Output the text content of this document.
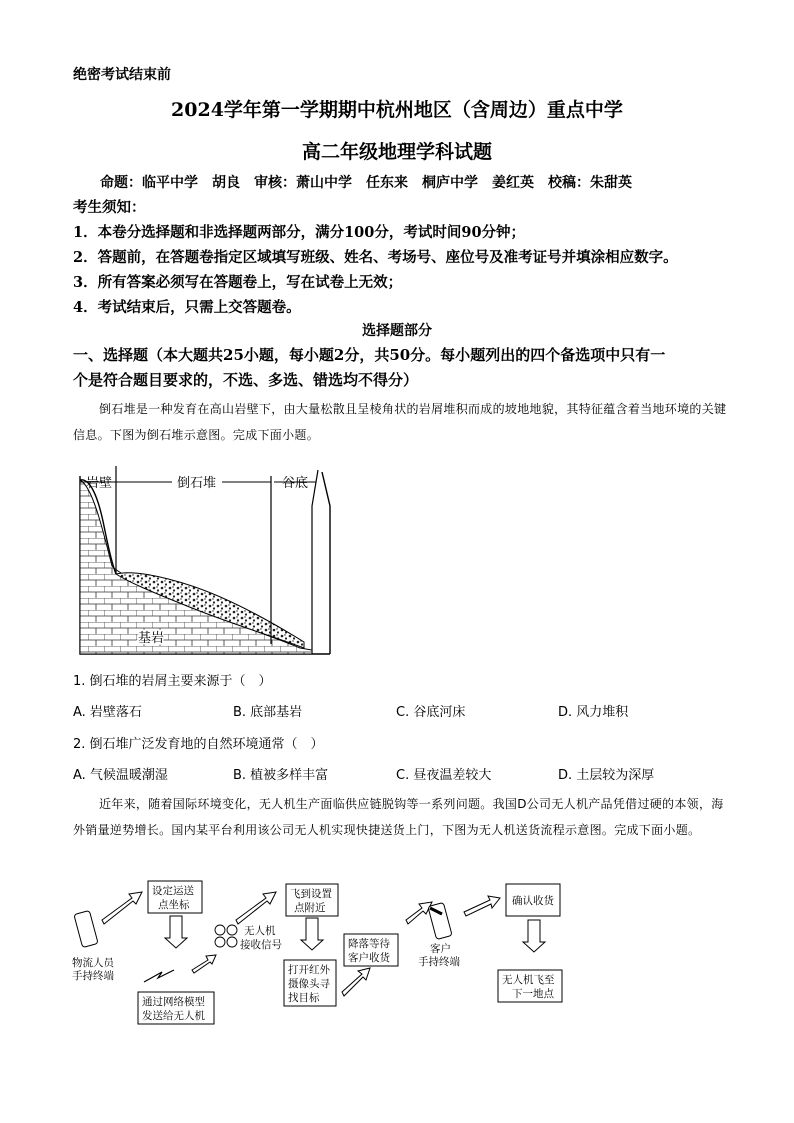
绝密考试结束前
2024学年第一学期期中杭州地区（含周边）重点中学
高二年级地理学科试题
命题：临平中学　胡良　审核：萧山中学　任东来　桐庐中学　姜红英　校稿：朱甜英
考生须知：
1．本卷分选择题和非选择题两部分，满分100分，考试时间90分钟；
2．答题前，在答题卷指定区域填写班级、姓名、考场号、座位号及准考证号并填涂相应数字。
3．所有答案必须写在答题卷上，写在试卷上无效；
4．考试结束后，只需上交答题卷。
选择题部分
一、选择题（本大题共25小题，每小题2分，共50分。每小题列出的四个备选项中只有一
个是符合题目要求的，不选、多选、错选均不得分）
倒石堆是一种发育在高山岩壁下，由大量松散且呈棱角状的岩屑堆积而成的坡地地貌，其特征蕴含着当地环境的关键信息。下图为倒石堆示意图。完成下面小题。
岩壁	倒石堆	谷底
基岩
1. 倒石堆的岩屑主要来源于（　）
A. 岩壁落石	B. 底部基岩	C. 谷底河床	D. 风力堆积
2. 倒石堆广泛发育地的自然环境通常（　）
A. 气候温暖潮湿	B. 植被多样丰富	C. 昼夜温差较大	D. 土层较为深厚
近年来，随着国际环境变化，无人机生产面临供应链脱钩等一系列问题。我国D公司无人机产品凭借过硬的本领，海外销量逆势增长。国内某平台利用该公司无人机实现快捷送货上门，下图为无人机送货流程示意图。完成下面小题。
物流人员
手持终端
设定运送
点坐标
通过网络模型
发送给无人机
无人机
接收信号
飞到设置
点附近
打开红外
摄像头寻
找目标
降落等待
客户收货
客户
手持终端
确认收货
无人机飞至
下一地点
